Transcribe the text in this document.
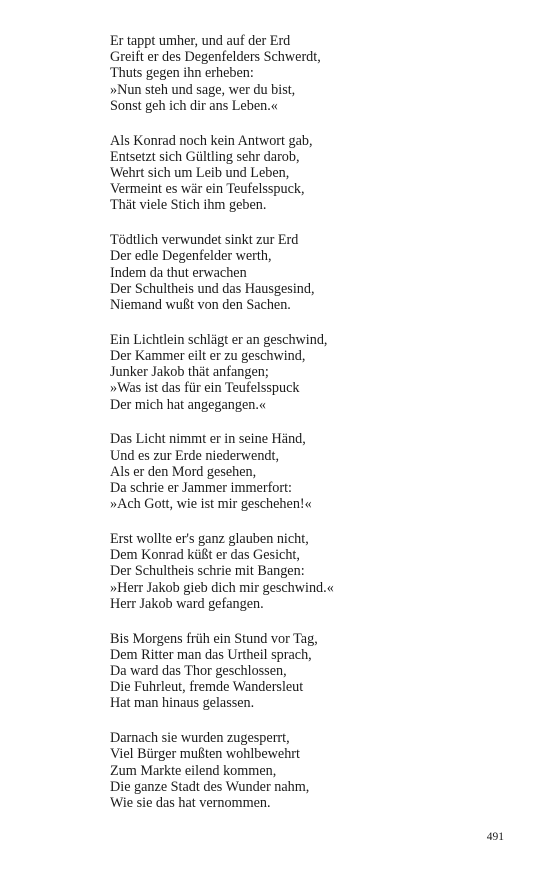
Er tappt umher, und auf der Erd
Greift er des Degenfelders Schwerdt,
Thuts gegen ihn erheben:
»Nun steh und sage, wer du bist,
Sonst geh ich dir ans Leben.«
Als Konrad noch kein Antwort gab,
Entsetzt sich Gültling sehr darob,
Wehrt sich um Leib und Leben,
Vermeint es wär ein Teufelsspuck,
Thät viele Stich ihm geben.
Tödtlich verwundet sinkt zur Erd
Der edle Degenfelder werth,
Indem da thut erwachen
Der Schultheis und das Hausgesind,
Niemand wußt von den Sachen.
Ein Lichtlein schlägt er an geschwind,
Der Kammer eilt er zu geschwind,
Junker Jakob thät anfangen;
»Was ist das für ein Teufelsspuck
Der mich hat angegangen.«
Das Licht nimmt er in seine Händ,
Und es zur Erde niederwendt,
Als er den Mord gesehen,
Da schrie er Jammer immerfort:
»Ach Gott, wie ist mir geschehen!«
Erst wollte er's ganz glauben nicht,
Dem Konrad küßt er das Gesicht,
Der Schultheis schrie mit Bangen:
»Herr Jakob gieb dich mir geschwind.«
Herr Jakob ward gefangen.
Bis Morgens früh ein Stund vor Tag,
Dem Ritter man das Urtheil sprach,
Da ward das Thor geschlossen,
Die Fuhrleut, fremde Wandersleut
Hat man hinaus gelassen.
Darnach sie wurden zugesperrt,
Viel Bürger mußten wohlbewehrt
Zum Markte eilend kommen,
Die ganze Stadt des Wunder nahm,
Wie sie das hat vernommen.
491
